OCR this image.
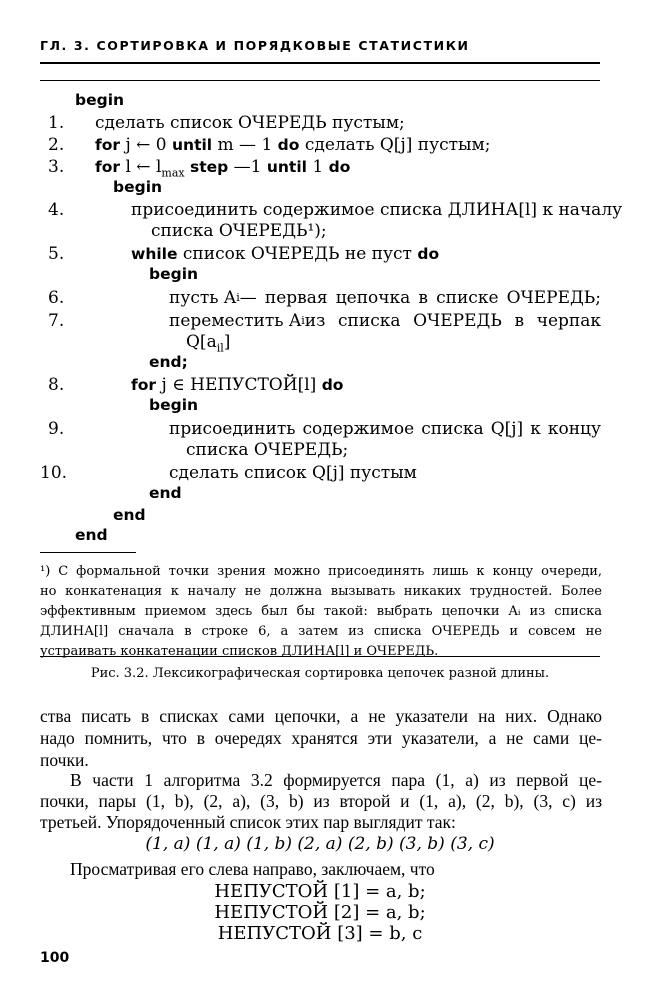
ГЛ. 3. СОРТИРОВКА И ПОРЯДКОВЫЕ СТАТИСТИКИ
begin
1. сделать список ОЧЕРЕДЬ пустым;
2. for j ← 0 until m — 1 do сделать Q[j] пустым;
3. for l ← $l_{max}$ step —1 until 1 do
begin
4.	присоединить содержимое списка ДЛИНА[l] к началу
списка ОЧЕРЕДЬ¹);
5.	while список ОЧЕРЕДЬ не пуст do
begin
6.	пусть A i — первая цепочка в списке ОЧЕРЕДЬ;
7.	переместить A i из списка ОЧЕРЕДЬ в черпак
$Q[a_{il}]$
end;
8.	for j ∈ НЕПУСТОЙ[l] do
begin
9.	присоединить содержимое списка Q[j] к концу
списка ОЧЕРЕДЬ;
10.	сделать список Q[j] пустым
end
end
end
¹) С формальной точки зрения можно присоединять лишь к концу очереди,
но конкатенация к началу не должна вызывать никаких трудностей. Более
эффективным приемом здесь был бы такой: выбрать цепочки Aᵢ из списка
ДЛИНА[l] сначала в строке 6, а затем из списка ОЧЕРЕДЬ и совсем не
устраивать конкатенации списков ДЛИНА[l] и ОЧЕРЕДЬ.
Рис. 3.2. Лексикографическая сортировка цепочек разной длины.
ства писать в списках сами цепочки, а не указатели на них. Однако
надо помнить, что в очередях хранятся эти указатели, а не сами це-
почки.
В части 1 алгоритма 3.2 формируется пара (1, a) из первой це-
почки, пары (1, b), (2, a), (3, b) из второй и (1, a), (2, b), (3, c) из
третьей. Упорядоченный список этих пар выглядит так:
(1, a) (1, a) (1, b) (2, a) (2, b) (3, b) (3, c)
Просматривая его слева направо, заключаем, что
НЕПУСТОЙ [1] = a, b;
НЕПУСТОЙ [2] = a, b;
НЕПУСТОЙ [3] = b, c
100
